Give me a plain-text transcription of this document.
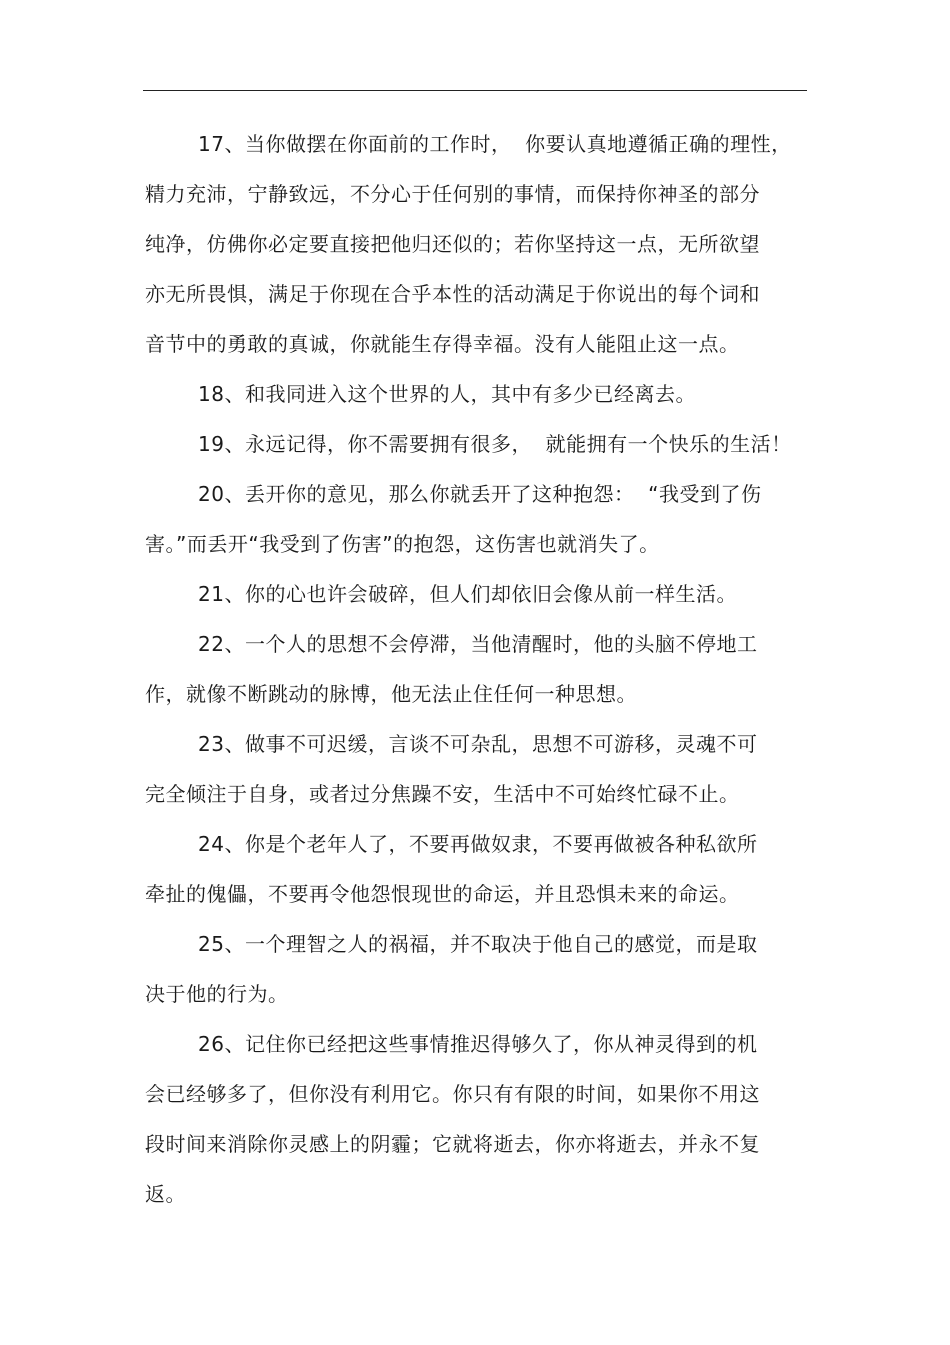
17、当你做摆在你面前的工作时，  你要认真地遵循正确的理性，
精力充沛，宁静致远，不分心于任何别的事情，而保持你神圣的部分
纯净，仿佛你必定要直接把他归还似的；若你坚持这一点，无所欲望
亦无所畏惧，满足于你现在合乎本性的活动满足于你说出的每个词和
音节中的勇敢的真诚，你就能生存得幸福。没有人能阻止这一点。
18、和我同进入这个世界的人，其中有多少已经离去。
19、永远记得，你不需要拥有很多，  就能拥有一个快乐的生活！
20、丢开你的意见，那么你就丢开了这种抱怨：  “我受到了伤
害。”而丢开“我受到了伤害”的抱怨，这伤害也就消失了。
21、你的心也许会破碎，但人们却依旧会像从前一样生活。
22、一个人的思想不会停滞，当他清醒时，他的头脑不停地工
作，就像不断跳动的脉博，他无法止住任何一种思想。
23、做事不可迟缓，言谈不可杂乱，思想不可游移，灵魂不可
完全倾注于自身，或者过分焦躁不安，生活中不可始终忙碌不止。
24、你是个老年人了，不要再做奴隶，不要再做被各种私欲所
牵扯的傀儡，不要再令他怨恨现世的命运，并且恐惧未来的命运。
25、一个理智之人的祸福，并不取决于他自己的感觉，而是取
决于他的行为。
26、记住你已经把这些事情推迟得够久了，你从神灵得到的机
会已经够多了，但你没有利用它。你只有有限的时间，如果你不用这
段时间来消除你灵感上的阴霾；它就将逝去，你亦将逝去，并永不复
返。
